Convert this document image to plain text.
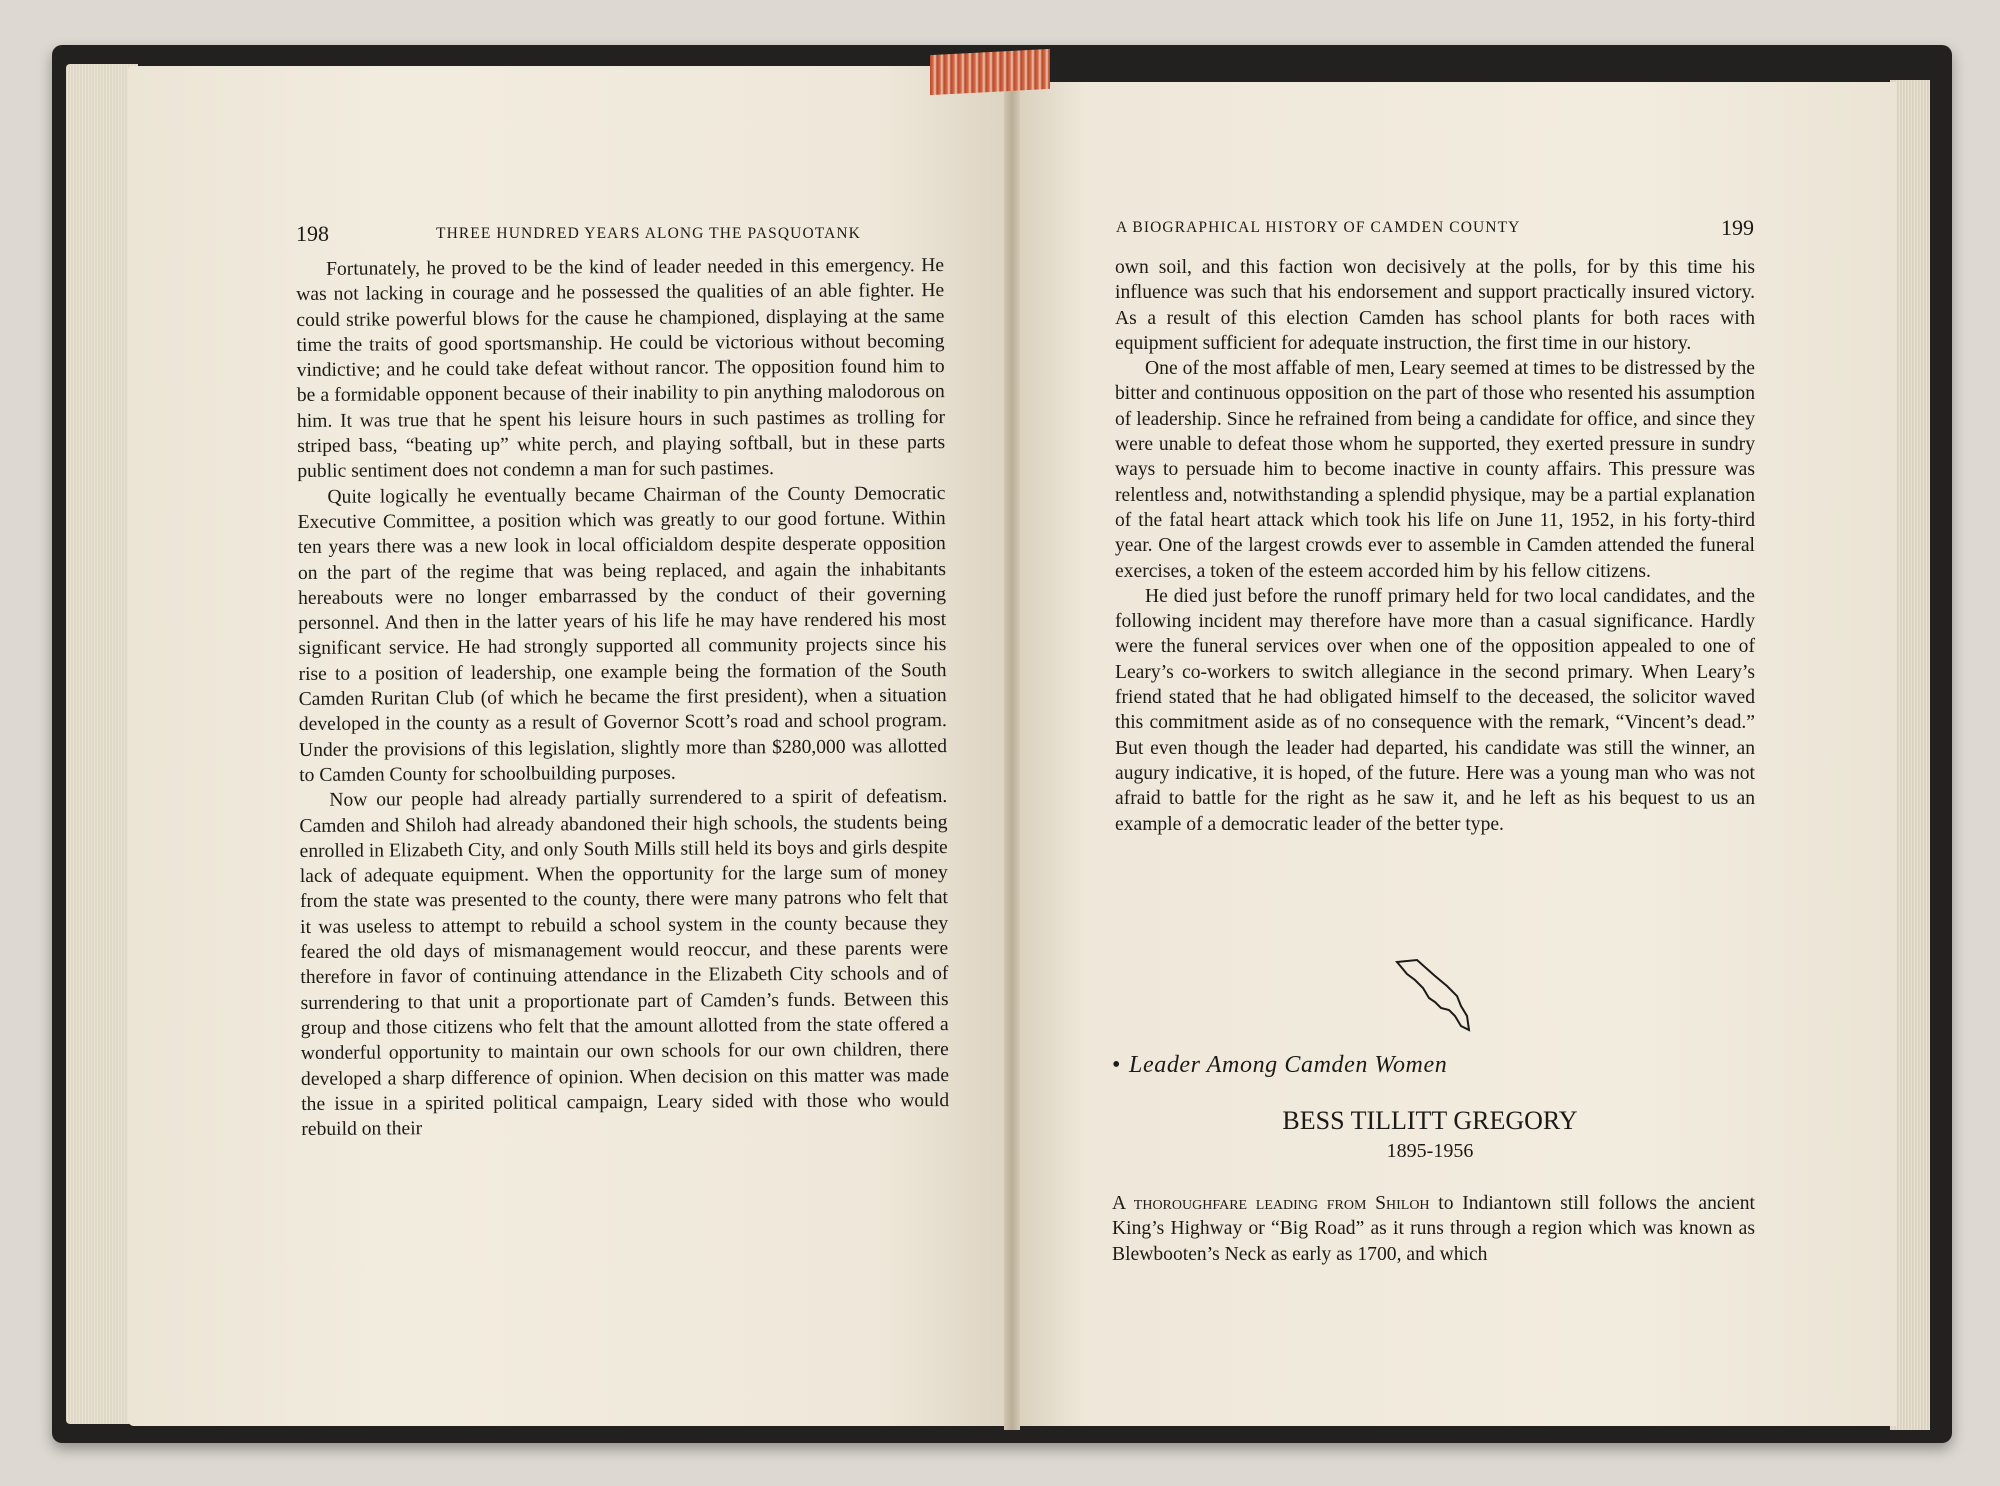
198	THREE HUNDRED YEARS ALONG THE PASQUOTANK

Fortunately, he proved to be the kind of leader needed in this emergency. He was not lacking in courage and he possessed the qualities of an able fighter. He could strike powerful blows for the cause he championed, displaying at the same time the traits of good sportsmanship. He could be victorious without becoming vindictive; and he could take defeat without rancor. The opposition found him to be a formidable opponent because of their inability to pin anything malodorous on him. It was true that he spent his leisure hours in such pastimes as trolling for striped bass, “beating up” white perch, and playing softball, but in these parts public sentiment does not condemn a man for such pastimes.

Quite logically he eventually became Chairman of the County Democratic Executive Committee, a position which was greatly to our good fortune. Within ten years there was a new look in local officialdom despite desperate opposition on the part of the regime that was being replaced, and again the inhabitants hereabouts were no longer embarrassed by the conduct of their governing personnel. And then in the latter years of his life he may have rendered his most significant service. He had strongly supported all community projects since his rise to a position of leadership, one example being the formation of the South Camden Ruritan Club (of which he became the first president), when a situation developed in the county as a result of Governor Scott’s road and school program. Under the provisions of this legislation, slightly more than $280,000 was allotted to Camden County for schoolbuilding purposes.

Now our people had already partially surrendered to a spirit of defeatism. Camden and Shiloh had already abandoned their high schools, the students being enrolled in Elizabeth City, and only South Mills still held its boys and girls despite lack of adequate equipment. When the opportunity for the large sum of money from the state was presented to the county, there were many patrons who felt that it was useless to attempt to rebuild a school system in the county because they feared the old days of mismanagement would reoccur, and these parents were therefore in favor of continuing attendance in the Elizabeth City schools and of surrendering to that unit a proportionate part of Camden’s funds. Between this group and those citizens who felt that the amount allotted from the state offered a wonderful opportunity to maintain our own schools for our own children, there developed a sharp difference of opinion. When decision on this matter was made the issue in a spirited political campaign, Leary sided with those who would rebuild on their

A BIOGRAPHICAL HISTORY OF CAMDEN COUNTY	199

own soil, and this faction won decisively at the polls, for by this time his influence was such that his endorsement and support practically insured victory. As a result of this election Camden has school plants for both races with equipment sufficient for adequate instruction, the first time in our history.

One of the most affable of men, Leary seemed at times to be distressed by the bitter and continuous opposition on the part of those who resented his assumption of leadership. Since he refrained from being a candidate for office, and since they were unable to defeat those whom he supported, they exerted pressure in sundry ways to persuade him to become inactive in county affairs. This pressure was relentless and, notwithstanding a splendid physique, may be a partial explanation of the fatal heart attack which took his life on June 11, 1952, in his forty-third year. One of the largest crowds ever to assemble in Camden attended the funeral exercises, a token of the esteem accorded him by his fellow citizens.

He died just before the runoff primary held for two local candidates, and the following incident may therefore have more than a casual significance. Hardly were the funeral services over when one of the opposition appealed to one of Leary’s co-workers to switch allegiance in the second primary. When Leary’s friend stated that he had obligated himself to the deceased, the solicitor waved this commitment aside as of no consequence with the remark, “Vincent’s dead.” But even though the leader had departed, his candidate was still the winner, an augury indicative, it is hoped, of the future. Here was a young man who was not afraid to battle for the right as he saw it, and he left as his bequest to us an example of a democratic leader of the better type.

• Leader Among Camden Women
BESS TILLITT GREGORY
1895-1956
A thoroughfare leading from Shiloh to Indiantown still follows the ancient King’s Highway or “Big Road” as it runs through a region which was known as Blewbooten’s Neck as early as 1700, and which
